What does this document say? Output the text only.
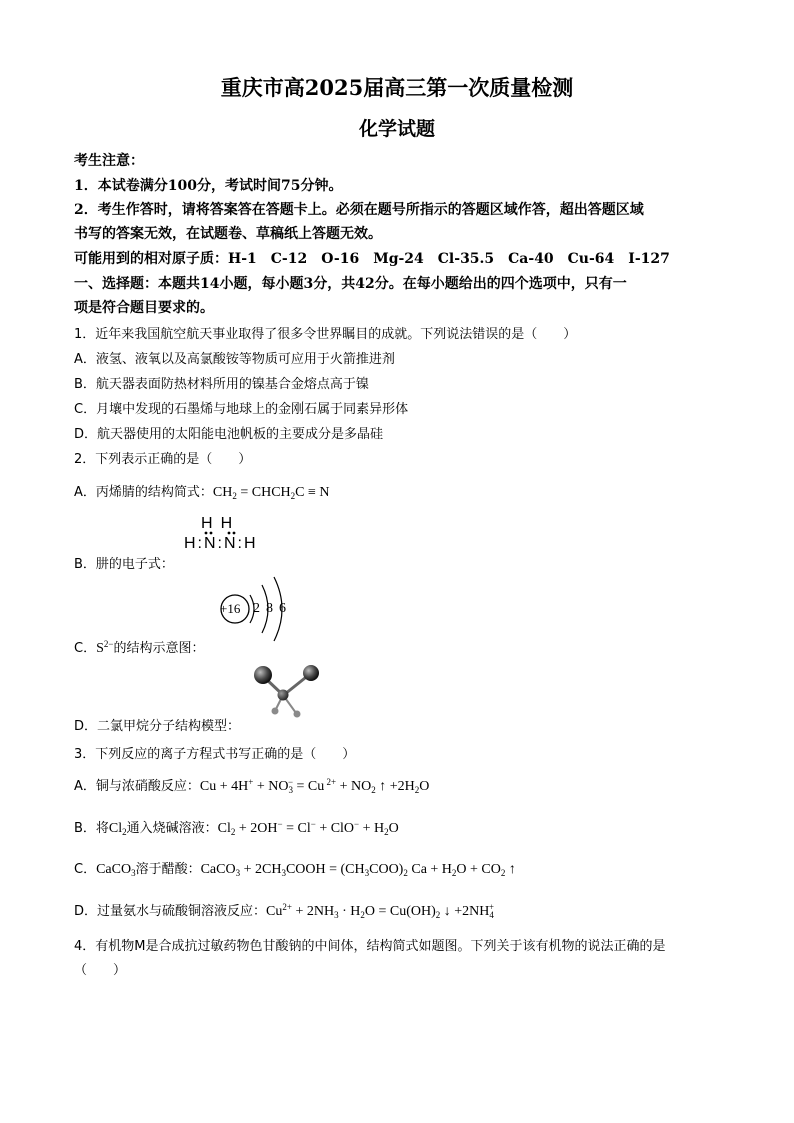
重庆市高2025届高三第一次质量检测
化学试题
考生注意：
1．本试卷满分100分，考试时间75分钟。
2．考生作答时，请将答案答在答题卡上。必须在题号所指示的答题区域作答，超出答题区域
书写的答案无效，在试题卷、草稿纸上答题无效。
可能用到的相对原子质：H-1　C-12　O-16　Mg-24　Cl-35.5　Ca-40　Cu-64　I-127
一、选择题：本题共14小题，每小题3分，共42分。在每小题给出的四个选项中，只有一
项是符合题目要求的。
1．近年来我国航空航天事业取得了很多令世界瞩目的成就。下列说法错误的是（　　）
A．液氢、液氧以及高氯酸铵等物质可应用于火箭推进剂
B．航天器表面防热材料所用的镍基合金熔点高于镍
C．月壤中发现的石墨烯与地球上的金刚石属于同素异形体
D．航天器使用的太阳能电池帆板的主要成分是多晶硅
2．下列表示正确的是（　　）
A．丙烯腈的结构简式：$CH_2$ = $CHCH_2C \equiv N$
B．肼的电子式：
HH
H:N:N:H
C．$S^{2-}$的结构示意图：
+16 2 8 6
D．二氯甲烷分子结构模型：
3．下列反应的离子方程式书写正确的是（　　）
A．铜与浓硝酸反应：$Cu + 4H^+ + NO_3^- = Cu$ $^{2+} + NO_2$ ↑ $+2H_2O$
B．将$Cl_2$通入烧碱溶液：$Cl_2 + 2OH^- = Cl^- + ClO^- + H_2O$
C．CaCO$_3$溶于醋酸：CaCO$_3$ + $2CH_3COOH = (CH_3COO)_2$ $Ca + H_2O + CO_2$ ↑
D．过量氨水与硫酸铜溶液反应：$Cu^{2+} + 2NH_3 \cdot H_2O = Cu(OH)_2$ ↓ $+2NH_4^+$
4．有机物M是合成抗过敏药物色甘酸钠的中间体，结构简式如题图。下列关于该有机物的说法正确的是
（　　）
